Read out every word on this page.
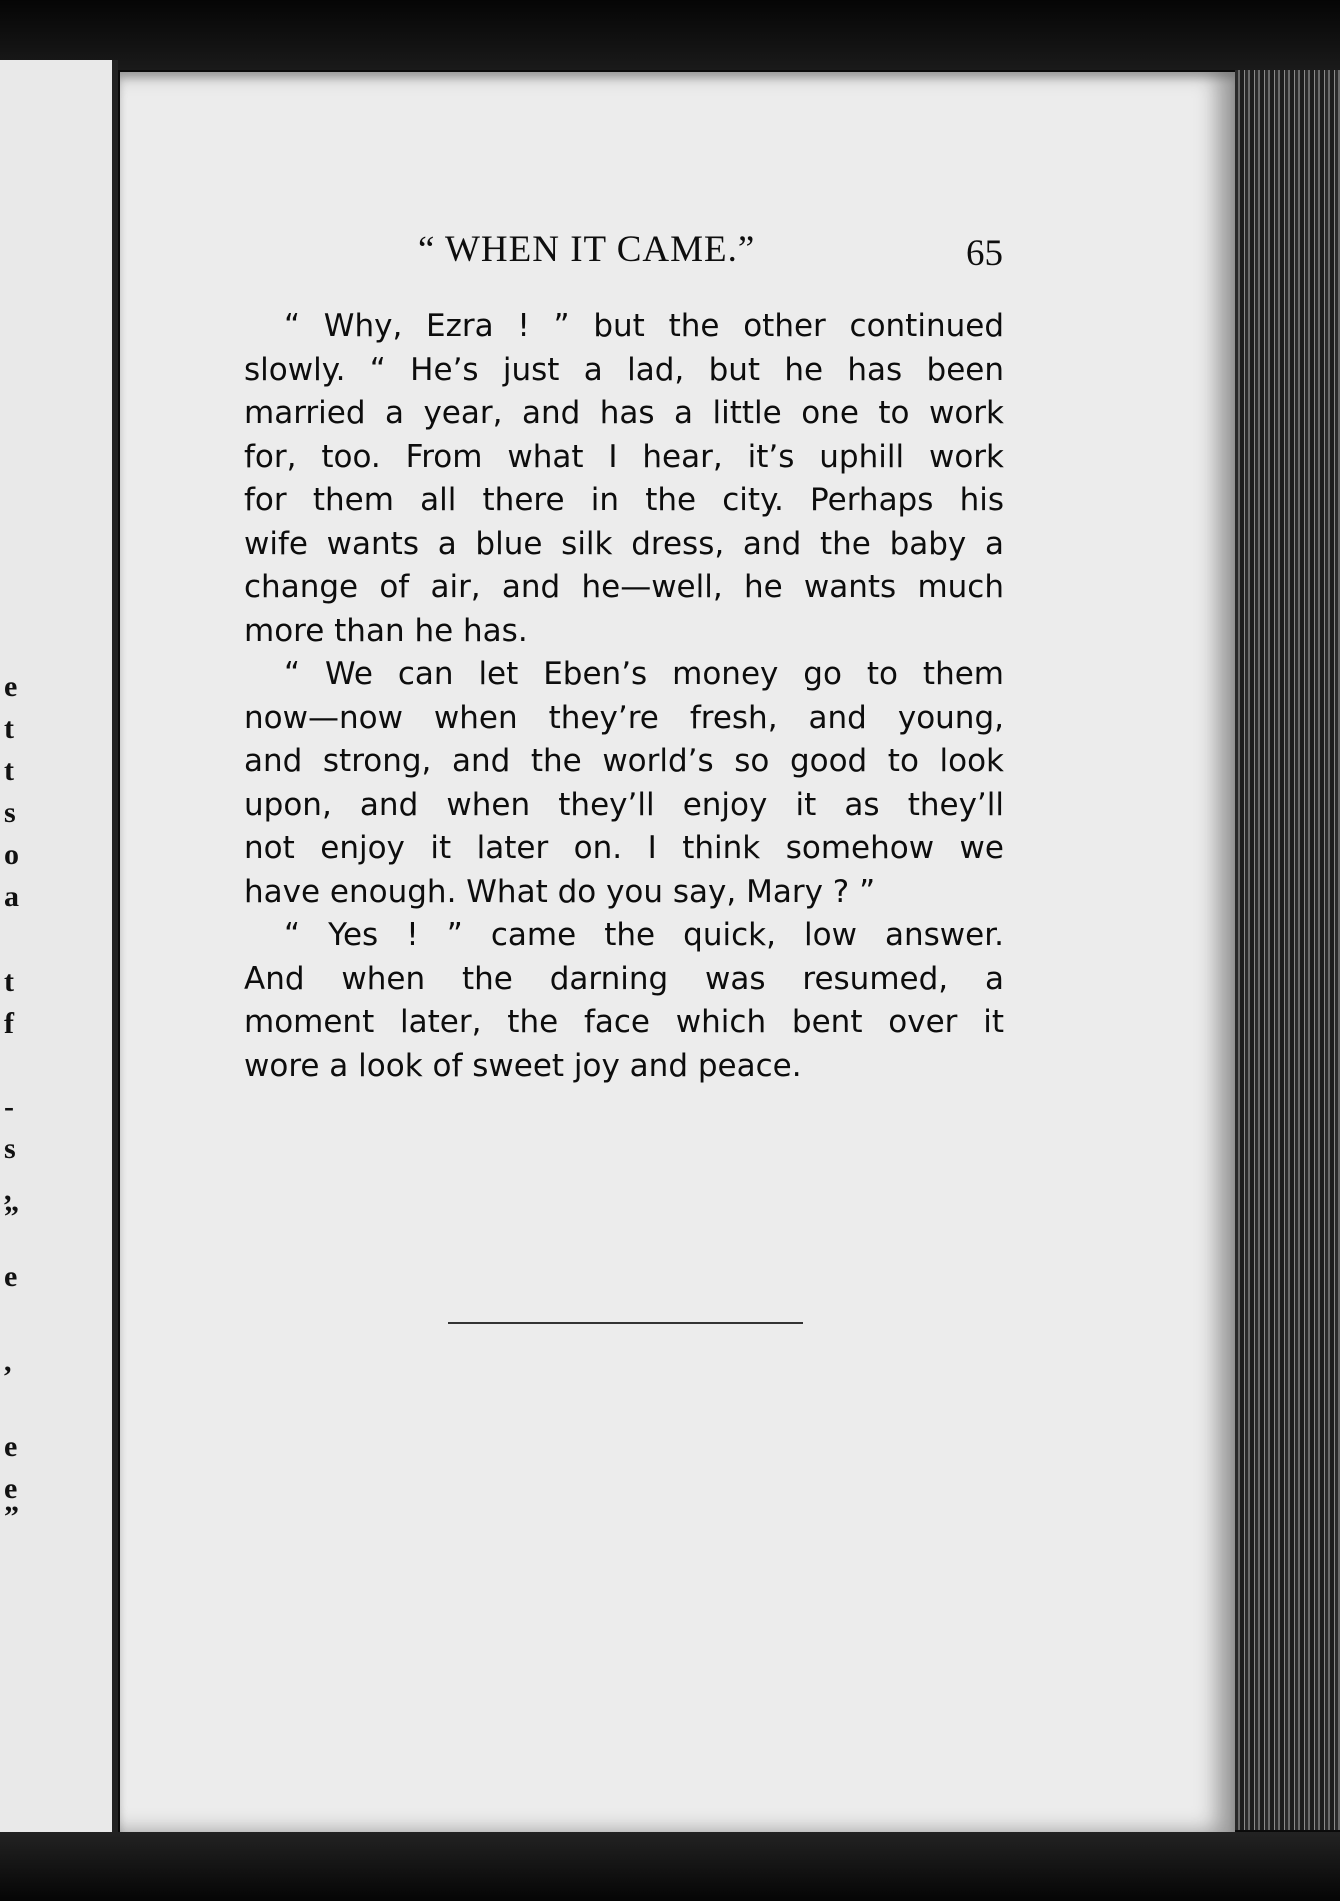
e
t
t
s
o
a
t
f
-
s
,
”
e
,
e
e
”
“ WHEN IT CAME.”	65
“ Why, Ezra ! ” but the other continued
slowly. “ He’s just a lad, but he has been
married a year, and has a little one to work
for, too. From what I hear, it’s uphill work
for them all there in the city. Perhaps his
wife wants a blue silk dress, and the baby a
change of air, and he—well, he wants much
more than he has.
“ We can let Eben’s money go to them
now—now when they’re fresh, and young,
and strong, and the world’s so good to look
upon, and when they’ll enjoy it as they’ll
not enjoy it later on. I think somehow we
have enough. What do you say, Mary ? ”
“ Yes ! ” came the quick, low answer.
And when the darning was resumed, a
moment later, the face which bent over it
wore a look of sweet joy and peace.
